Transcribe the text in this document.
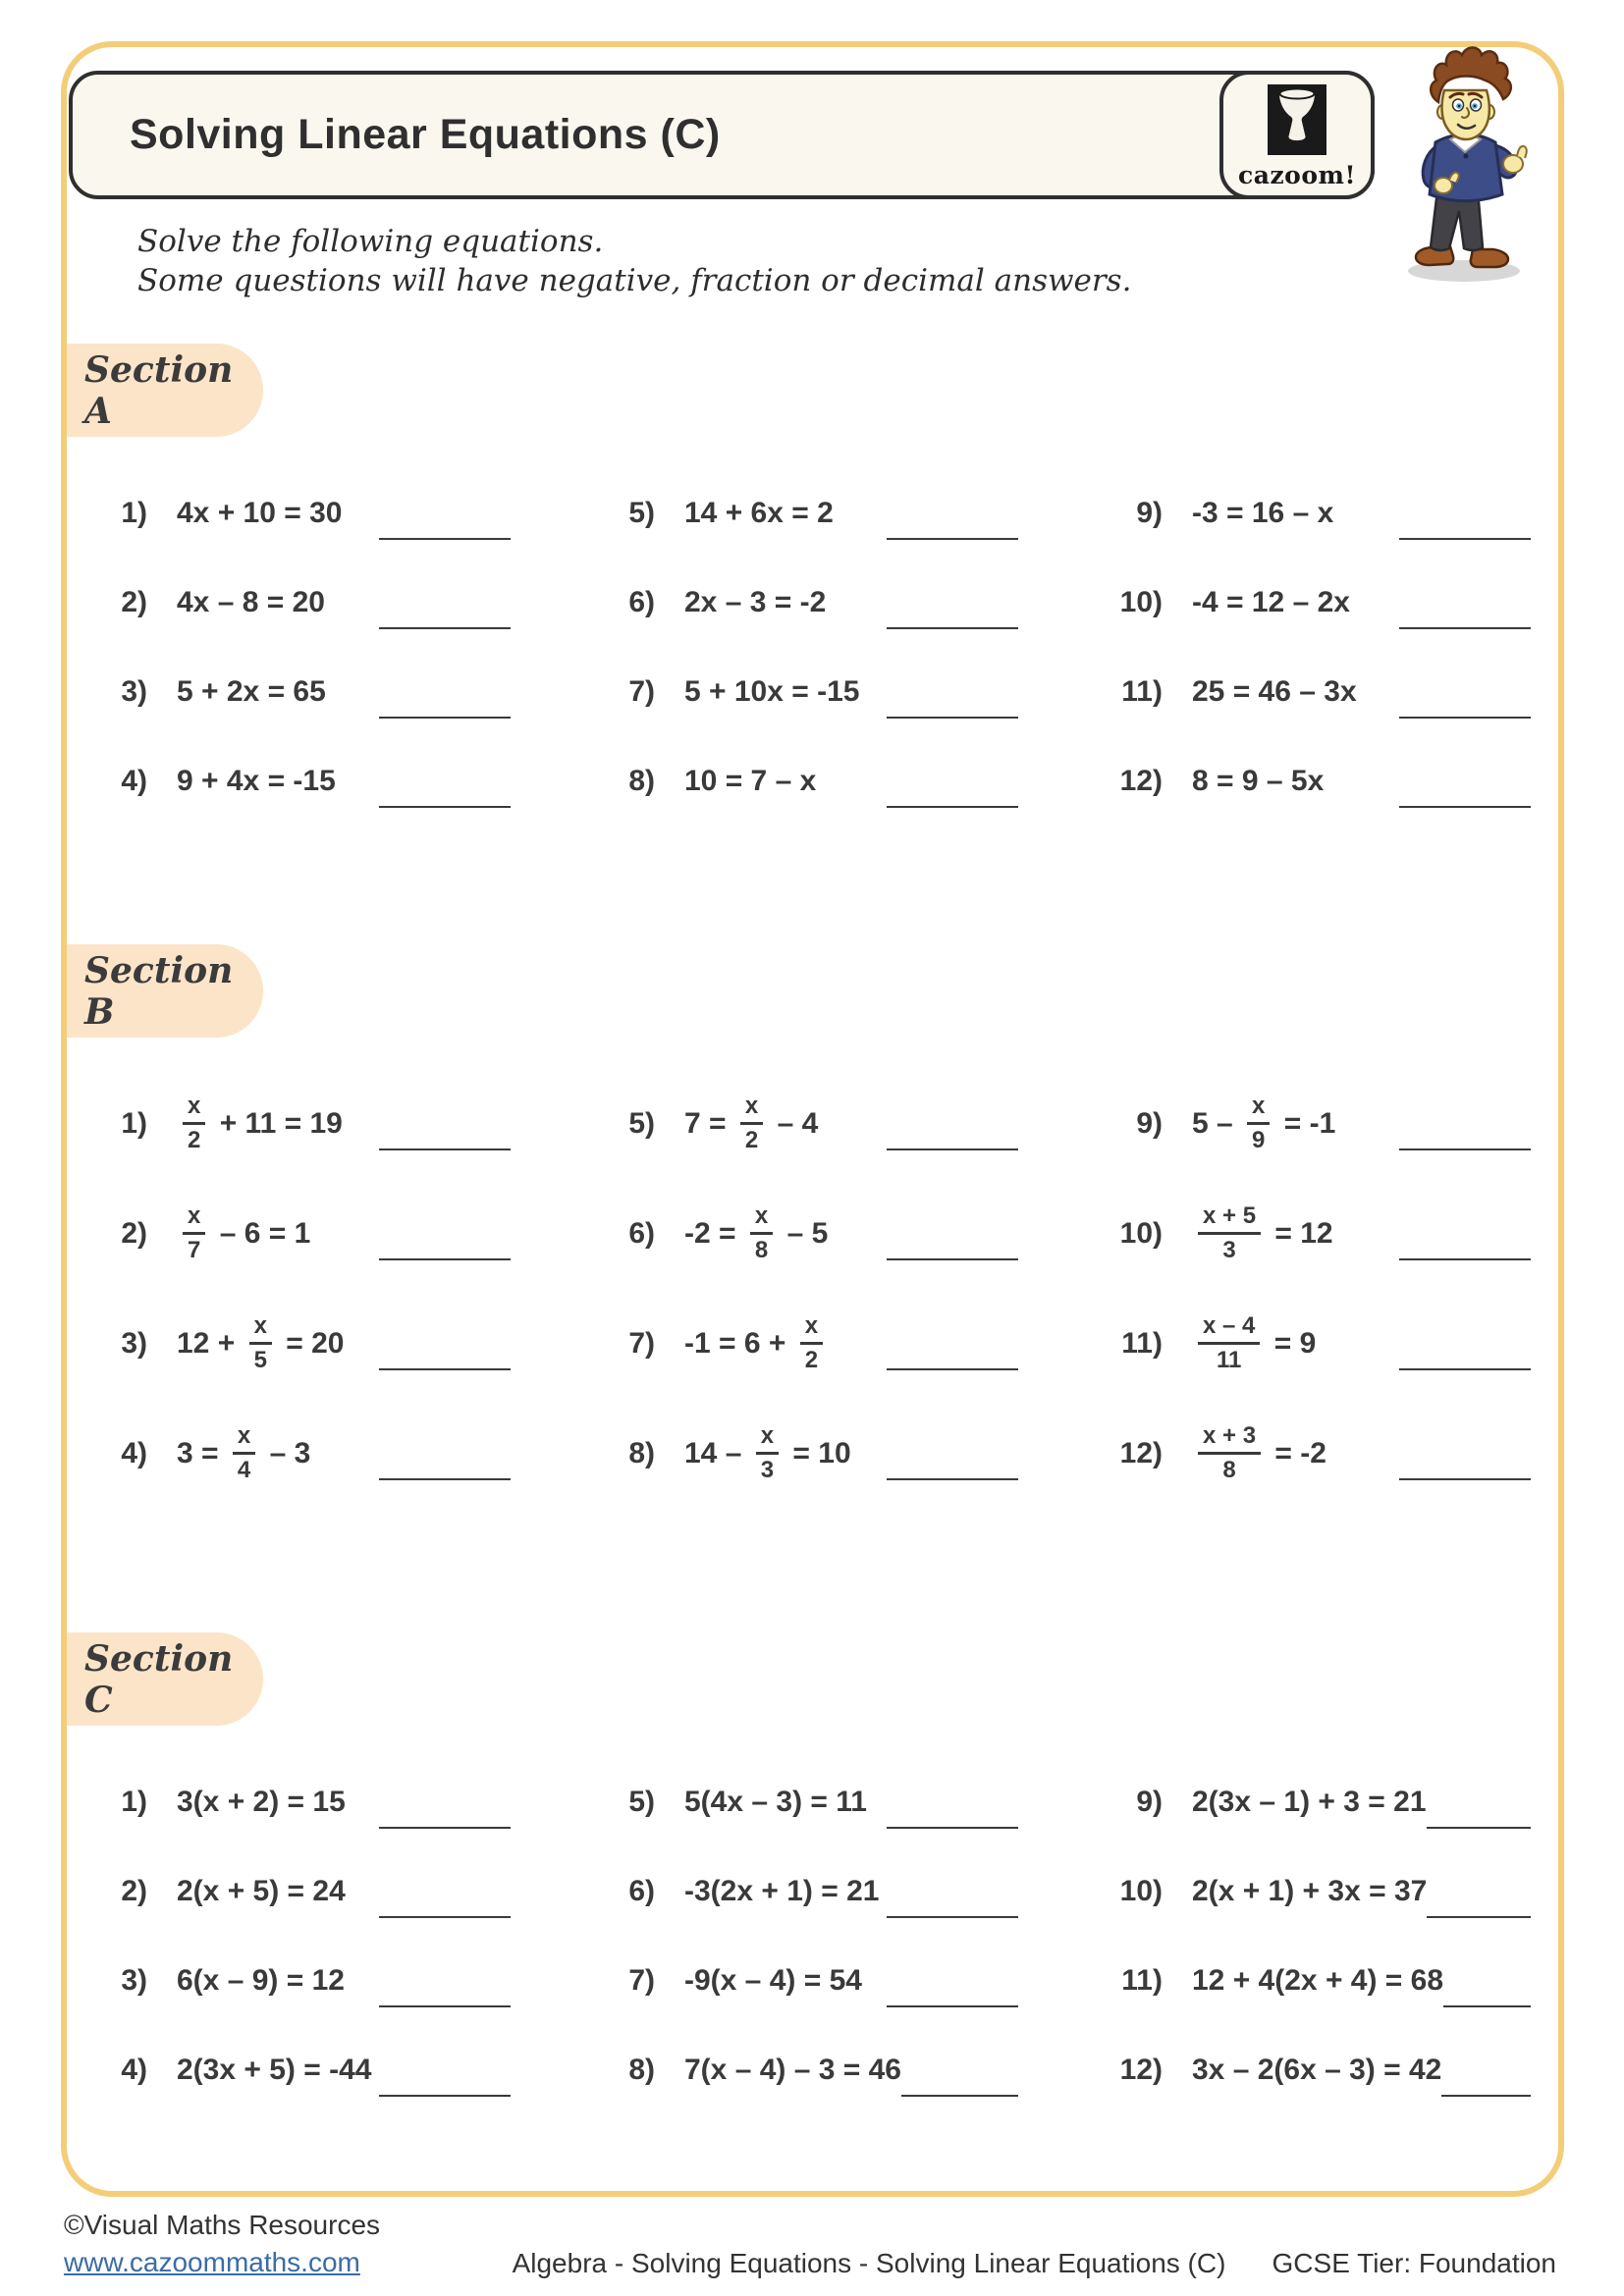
Solving Linear Equations (C)
cazoom!

Solve the following equations.

Some questions will have negative, fraction or decimal answers.

Section A
1) 4x + 10 = 30
2) 4x – 8 = 20
3) 5 + 2x = 65
4) 9 + 4x = -15
5) 14 + 6x = 2
6) 2x – 3 = -2
7) 5 + 10x = -15
8) 10 = 7 – x
9) -3 = 16 – x
10) -4 = 12 – 2x
11) 25 = 46 – 3x
12) 8 = 9 – 5x
Section B
$1) \frac{x}{2} + 11 = 19$
$2) \frac{x}{7} - 6 = 1$
3) $12 + \frac{x}{5} = 20$
4) $3 = \frac{x}{4} - 3$
5) $7 = \frac{x}{2} - 4$
6) $-2 = \frac{x}{8} - 5$
7) $-1 = 6 + \frac{x}{2}$
8) $14 - \frac{x}{3} = 10$
9) $5 - \frac{x}{9} = -1$
$10) \frac{x + 5}{3} = 12$
$11) \frac{x - 4}{11} = 9$
$12) \frac{x + 3}{8} = -2$
Section C
1) 3(x + 2) = 15
2) 2(x + 5) = 24
3) 6(x – 9) = 12
4) 2(3x + 5) = -44
5) 5(4x – 3) = 11
6) -3(2x + 1) = 21
7) -9(x – 4) = 54
8) 7(x – 4) – 3 = 46
9) 2(3x – 1) + 3 = 21
10) 2(x + 1) + 3x = 37
11) 12 + 4(2x + 4) = 68
12) 3x – 2(6x – 3) = 42
©Visual Maths Resources
www.cazoommaths.com	Algebra - Solving Equations - Solving Linear Equations (C)	GCSE Tier: Foundation
